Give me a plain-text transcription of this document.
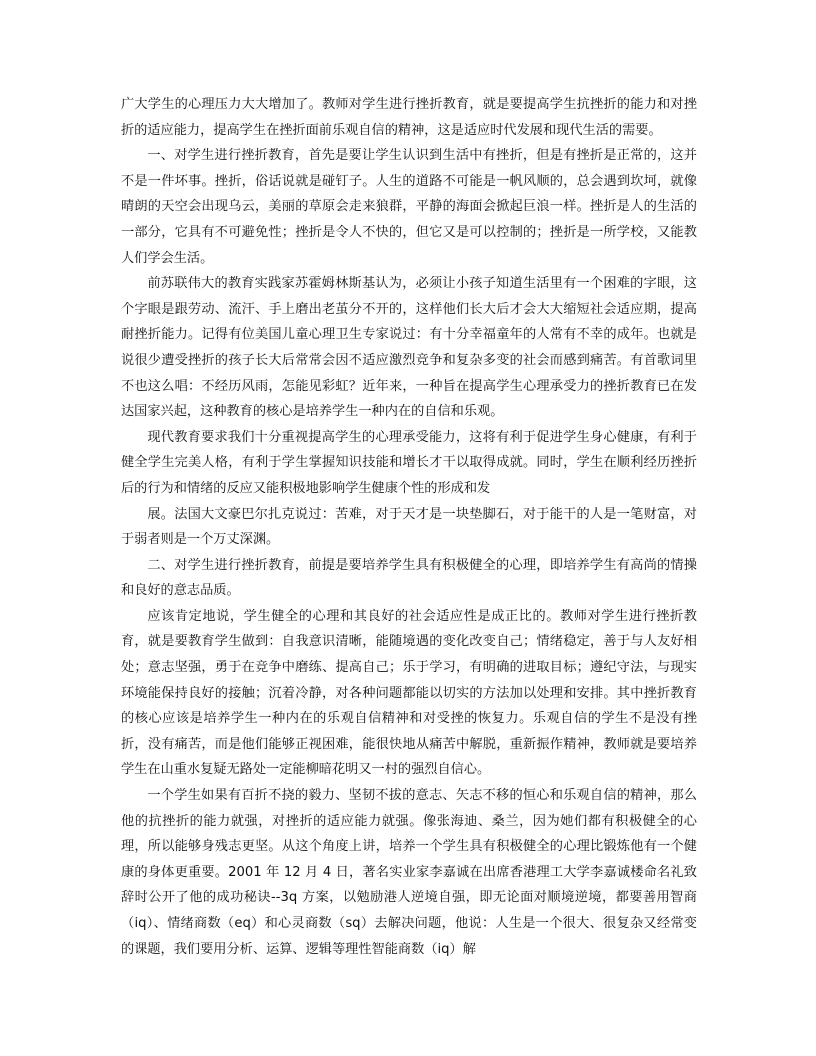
广大学生的心理压力大大增加了。教师对学生进行挫折教育，就是要提高学生抗挫折的能力和对挫折的适应能力，提高学生在挫折面前乐观自信的精神，这是适应时代发展和现代生活的需要。

一、对学生进行挫折教育，首先是要让学生认识到生活中有挫折，但是有挫折是正常的，这并不是一件坏事。挫折，俗话说就是碰钉子。人生的道路不可能是一帆风顺的，总会遇到坎坷，就像晴朗的天空会出现乌云，美丽的草原会走来狼群，平静的海面会掀起巨浪一样。挫折是人的生活的一部分，它具有不可避免性；挫折是令人不快的，但它又是可以控制的；挫折是一所学校，又能教人们学会生活。

前苏联伟大的教育实践家苏霍姆林斯基认为，必须让小孩子知道生活里有一个困难的字眼，这个字眼是跟劳动、流汗、手上磨出老茧分不开的，这样他们长大后才会大大缩短社会适应期，提高耐挫折能力。记得有位美国儿童心理卫生专家说过：有十分幸福童年的人常有不幸的成年。也就是说很少遭受挫折的孩子长大后常常会因不适应激烈竞争和复杂多变的社会而感到痛苦。有首歌词里不也这么唱：不经历风雨，怎能见彩虹？近年来，一种旨在提高学生心理承受力的挫折教育已在发达国家兴起，这种教育的核心是培养学生一种内在的自信和乐观。

现代教育要求我们十分重视提高学生的心理承受能力，这将有利于促进学生身心健康，有利于健全学生完美人格，有利于学生掌握知识技能和增长才干以取得成就。同时，学生在顺利经历挫折后的行为和情绪的反应又能积极地影响学生健康个性的形成和发

展。法国大文豪巴尔扎克说过：苦难，对于天才是一块垫脚石，对于能干的人是一笔财富，对于弱者则是一个万丈深渊。

二、对学生进行挫折教育，前提是要培养学生具有积极健全的心理，即培养学生有高尚的情操和良好的意志品质。

应该肯定地说，学生健全的心理和其良好的社会适应性是成正比的。教师对学生进行挫折教育，就是要教育学生做到：自我意识清晰，能随境遇的变化改变自己；情绪稳定，善于与人友好相处；意志坚强，勇于在竞争中磨练、提高自己；乐于学习，有明确的进取目标；遵纪守法，与现实环境能保持良好的接触；沉着冷静，对各种问题都能以切实的方法加以处理和安排。其中挫折教育的核心应该是培养学生一种内在的乐观自信精神和对受挫的恢复力。乐观自信的学生不是没有挫折，没有痛苦，而是他们能够正视困难，能很快地从痛苦中解脱，重新振作精神，教师就是要培养学生在山重水复疑无路处一定能柳暗花明又一村的强烈自信心。

一个学生如果有百折不挠的毅力、坚韧不拔的意志、矢志不移的恒心和乐观自信的精神，那么他的抗挫折的能力就强，对挫折的适应能力就强。像张海迪、桑兰，因为她们都有积极健全的心理，所以能够身残志更坚。从这个角度上讲，培养一个学生具有积极健全的心理比锻炼他有一个健康的身体更重要。2001 年 12 月 4 日，著名实业家李嘉诚在出席香港理工大学李嘉诚楼命名礼致辞时公开了他的成功秘诀--3q 方案，以勉励港人逆境自强，即无论面对顺境逆境，都要善用智商（iq）、情绪商数（eq）和心灵商数（sq）去解决问题，他说：人生是一个很大、很复杂又经常变的课题，我们要用分析、运算、逻辑等理性智能商数（iq）解
